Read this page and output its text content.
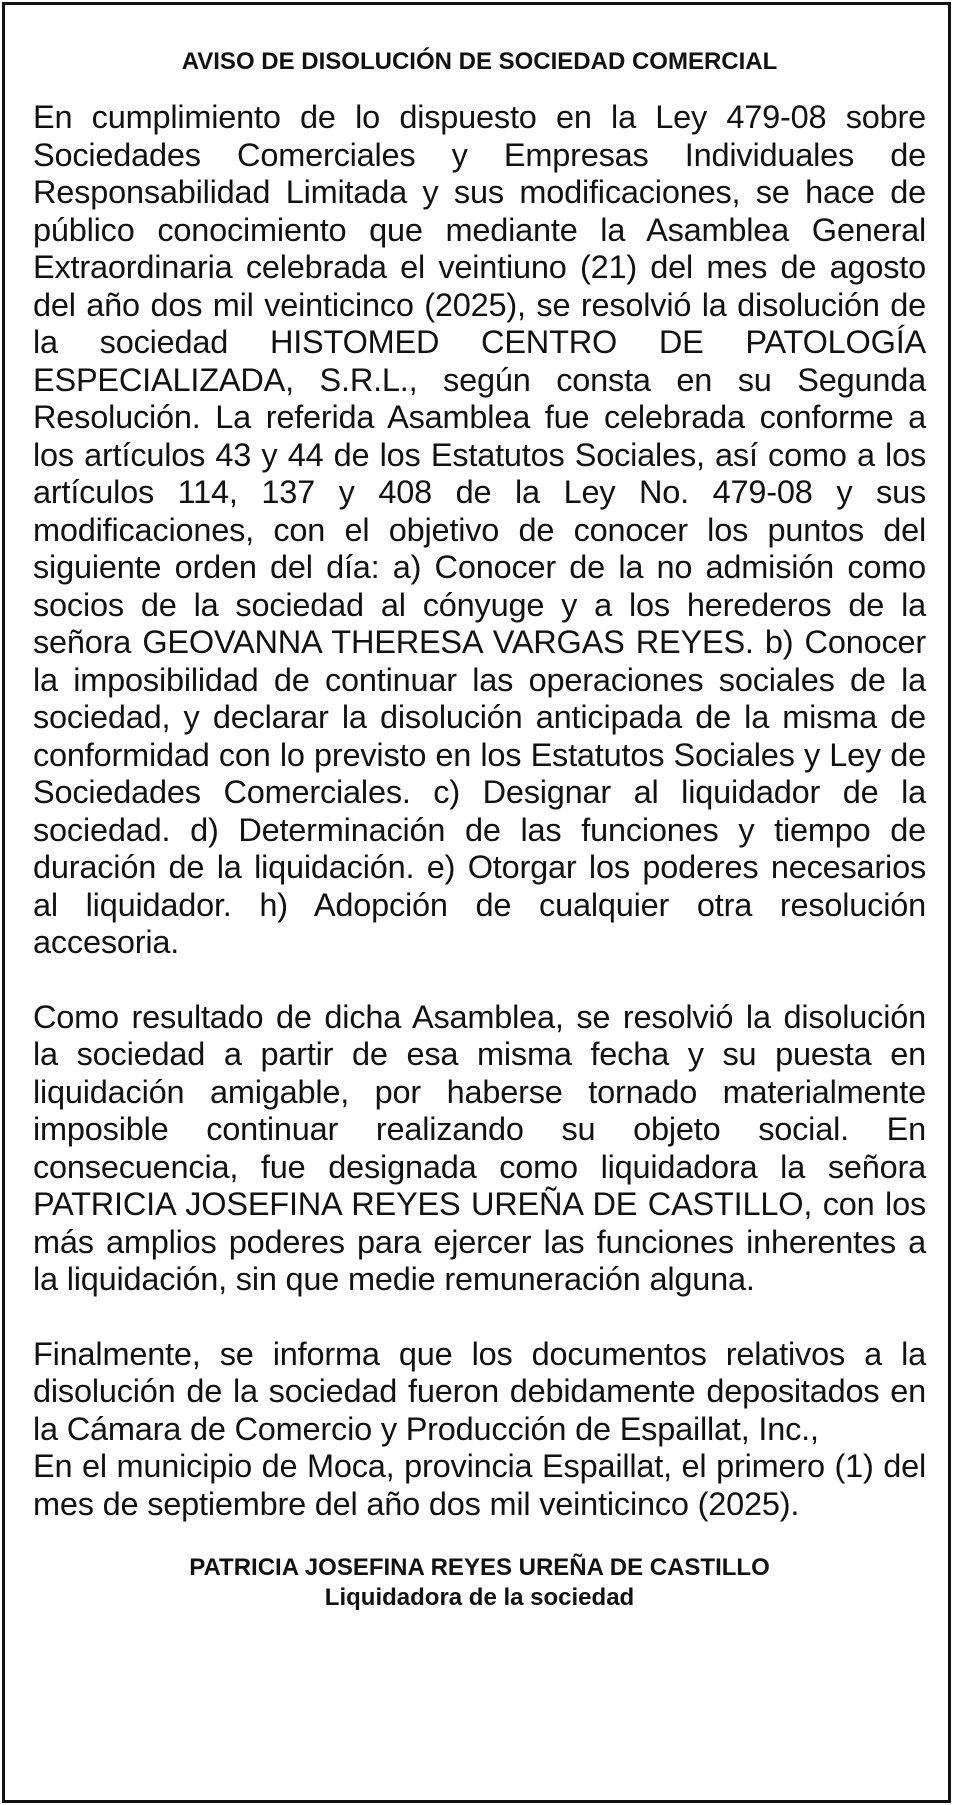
AVISO DE DISOLUCIÓN DE SOCIEDAD COMERCIAL

En cumplimiento de lo dispuesto en la Ley 479-08 sobre Sociedades Comerciales y Empresas Individuales de Responsabilidad Limitada y sus modificaciones, se hace de público conocimiento que mediante la Asamblea General Extraordinaria celebrada el veintiuno (21) del mes de agosto del año dos mil veinticinco (2025), se resolvió la disolución de la sociedad HISTOMED CENTRO DE PATOLOGÍA ESPECIALIZADA, S.R.L., según consta en su Segunda Resolución. La referida Asamblea fue celebrada conforme a los artículos 43 y 44 de los Estatutos Sociales, así como a los artículos 114, 137 y 408 de la Ley No. 479-08 y sus modificaciones, con el objetivo de conocer los puntos del siguiente orden del día: a) Conocer de la no admisión como socios de la sociedad al cónyuge y a los herederos de la señora GEOVANNA THERESA VARGAS REYES. b) Conocer la imposibilidad de continuar las operaciones sociales de la sociedad, y declarar la disolución anticipada de la misma de conformidad con lo previsto en los Estatutos Sociales y Ley de Sociedades Comerciales. c) Designar al liquidador de la sociedad. d) Determinación de las funciones y tiempo de duración de la liquidación. e) Otorgar los poderes necesarios al liquidador. h) Adopción de cualquier otra resolución accesoria.

Como resultado de dicha Asamblea, se resolvió la disolución la sociedad a partir de esa misma fecha y su puesta en liquidación amigable, por haberse tornado materialmente imposible continuar realizando su objeto social. En consecuencia, fue designada como liquidadora la señora PATRICIA JOSEFINA REYES UREÑA DE CASTILLO, con los más amplios poderes para ejercer las funciones inherentes a la liquidación, sin que medie remuneración alguna.

Finalmente, se informa que los documentos relativos a la disolución de la sociedad fueron debidamente depositados en la Cámara de Comercio y Producción de Espaillat, Inc.,

En el municipio de Moca, provincia Espaillat, el primero (1) del mes de septiembre del año dos mil veinticinco (2025).

PATRICIA JOSEFINA REYES UREÑA DE CASTILLO
Liquidadora de la sociedad
